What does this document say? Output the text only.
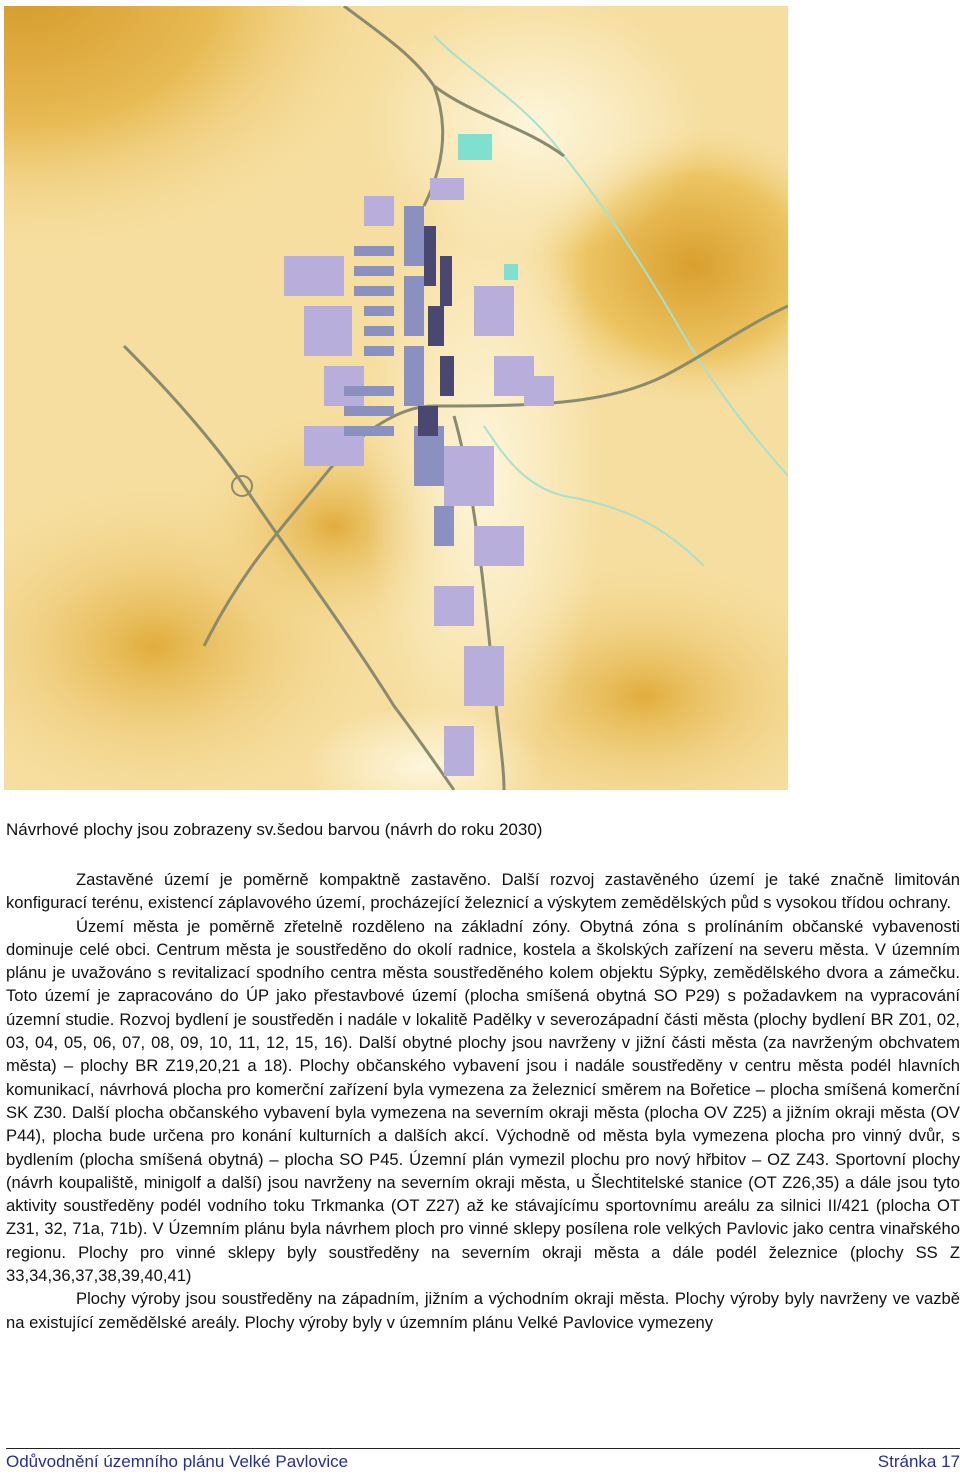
Návrhové plochy jsou zobrazeny sv.šedou barvou (návrh do roku 2030)

Zastavěné území je poměrně kompaktně zastavěno. Další rozvoj zastavěného území je také značně limitován konfigurací terénu, existencí záplavového území, procházející železnicí a výskytem zemědělských půd s vysokou třídou ochrany.

Území města je poměrně zřetelně rozděleno na základní zóny. Obytná zóna s prolínáním občanské vybavenosti dominuje celé obci. Centrum města je soustředěno do okolí radnice, kostela a školských zařízení na severu města. V územním plánu je uvažováno s revitalizací spodního centra města soustředěného kolem objektu Sýpky, zemědělského dvora a zámečku. Toto území je zapracováno do ÚP jako přestavbové území (plocha smíšená obytná SO P29) s požadavkem na vypracování územní studie. Rozvoj bydlení je soustředěn i nadále v lokalitě Padělky v severozápadní části města (plochy bydlení BR Z01, 02, 03, 04, 05, 06, 07, 08, 09, 10, 11, 12, 15, 16). Další obytné plochy jsou navrženy v jižní části města (za navrženým obchvatem města) – plochy BR Z19,20,21 a 18). Plochy občanského vybavení jsou i nadále soustředěny v centru města podél hlavních komunikací, návrhová plocha pro komerční zařízení byla vymezena za železnicí směrem na Bořetice – plocha smíšená komerční SK Z30. Další plocha občanského vybavení byla vymezena na severním okraji města (plocha OV Z25) a jižním okraji města (OV P44), plocha bude určena pro konání kulturních a dalších akcí. Východně od města byla vymezena plocha pro vinný dvůr, s bydlením (plocha smíšená obytná) – plocha SO P45. Územní plán vymezil plochu pro nový hřbitov – OZ Z43. Sportovní plochy (návrh koupaliště, minigolf a další) jsou navrženy na severním okraji města, u Šlechtitelské stanice (OT Z26,35) a dále jsou tyto aktivity soustředěny podél vodního toku Trkmanka (OT Z27) až ke stávajícímu sportovnímu areálu za silnici II/421 (plocha OT Z31, 32, 71a, 71b). V Územním plánu byla návrhem ploch pro vinné sklepy posílena role velkých Pavlovic jako centra vinařského regionu. Plochy pro vinné sklepy byly soustředěny na severním okraji města a dále podél železnice (plochy SS Z 33,34,36,37,38,39,40,41)

Plochy výroby jsou soustředěny na západním, jižním a východním okraji města. Plochy výroby byly navrženy ve vazbě na existující zemědělské areály. Plochy výroby byly v územním plánu Velké Pavlovice vymezeny

Odůvodnění územního plánu Velké Pavlovice	Stránka 17
